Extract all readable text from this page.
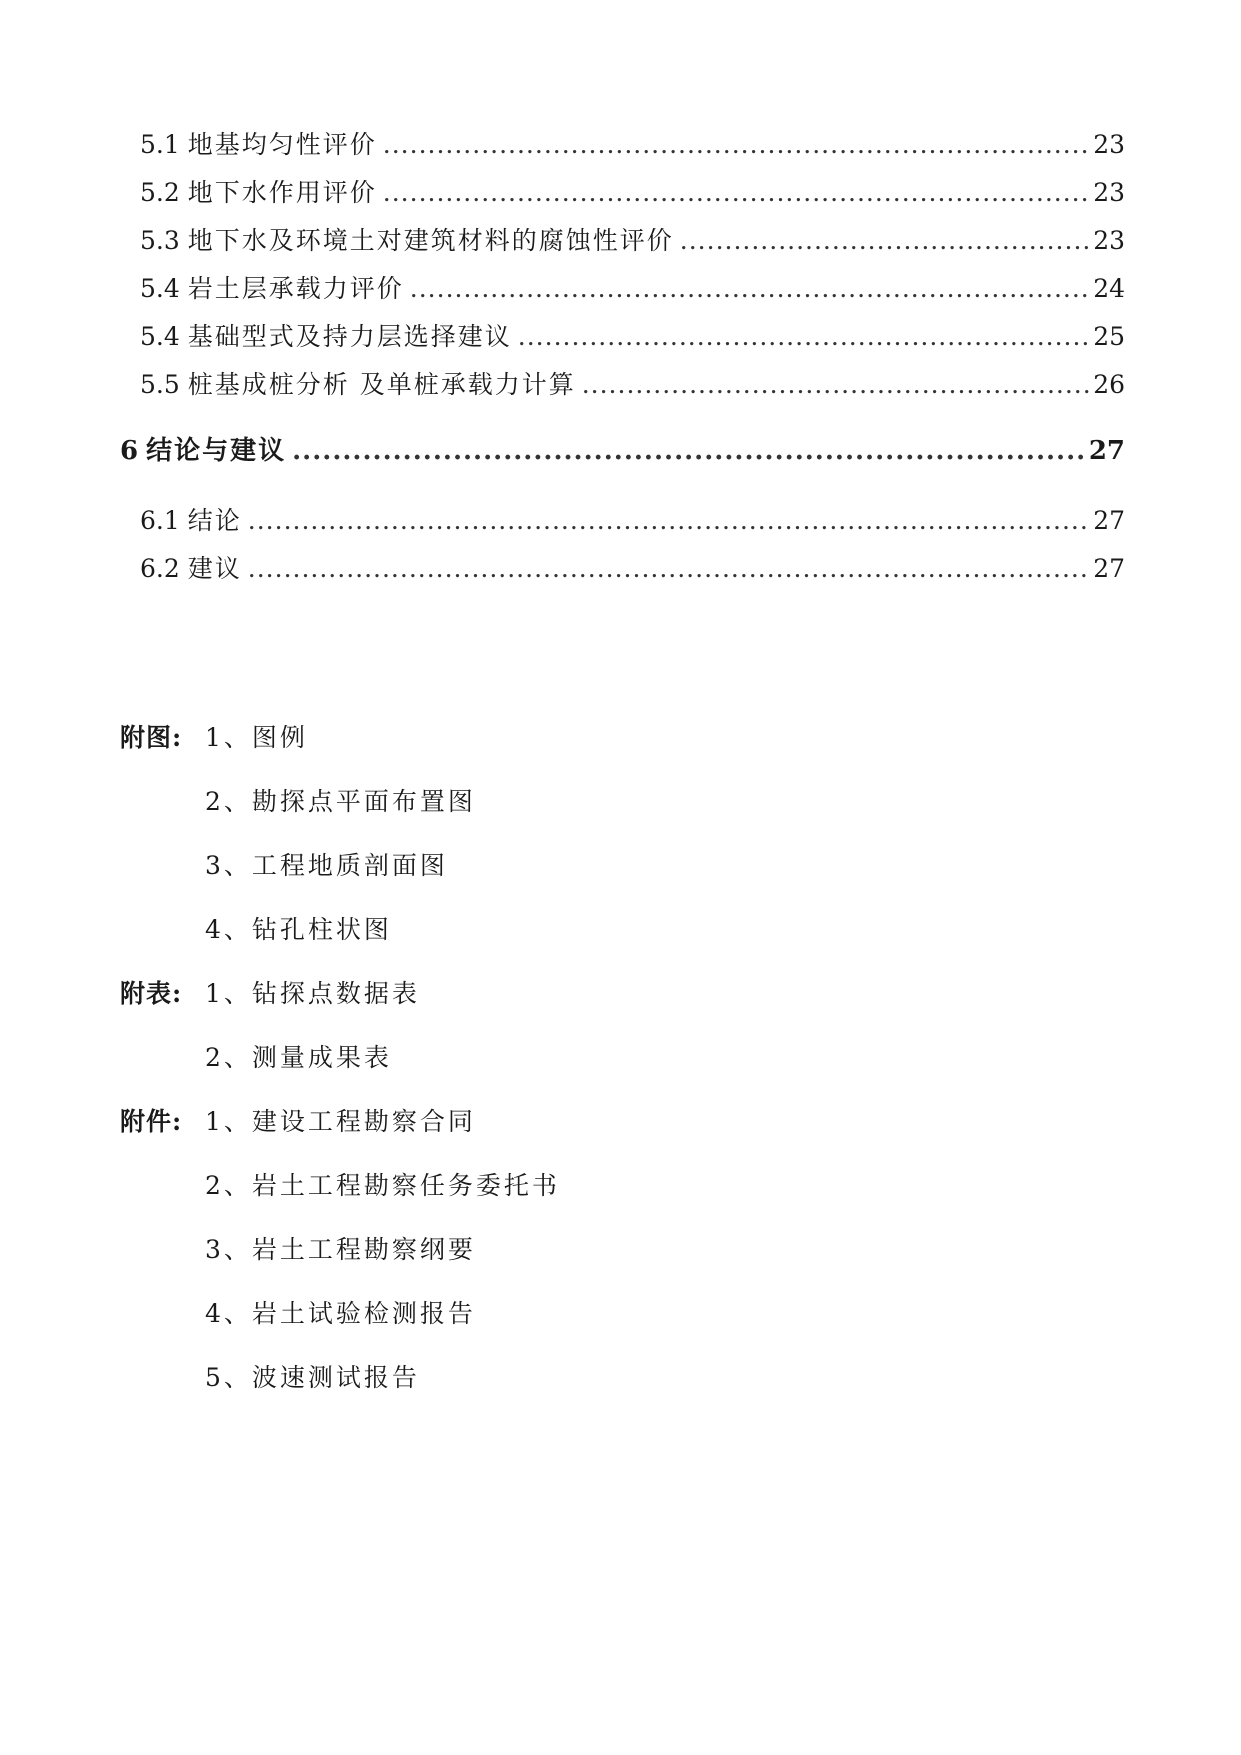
5.1 地基均匀性评价 .....	23
5.2 地下水作用评价 .....	23
5.3 地下水及环境土对建筑材料的腐蚀性评价 .....	23
5.4 岩土层承载力评价 .....	24
5.4 基础型式及持力层选择建议 .....	25
5.5 桩基成桩分析 及单桩承载力计算 .....	26
6 结论与建议 .....	27
6.1 结论 .....	27
6.2 建议 .....	27
附图: 1、图例
2、勘探点平面布置图
3、工程地质剖面图
4、钻孔柱状图
附表: 1、钻探点数据表
2、测量成果表
附件: 1、建设工程勘察合同
2、岩土工程勘察任务委托书
3、岩土工程勘察纲要
4、岩土试验检测报告
5、波速测试报告
